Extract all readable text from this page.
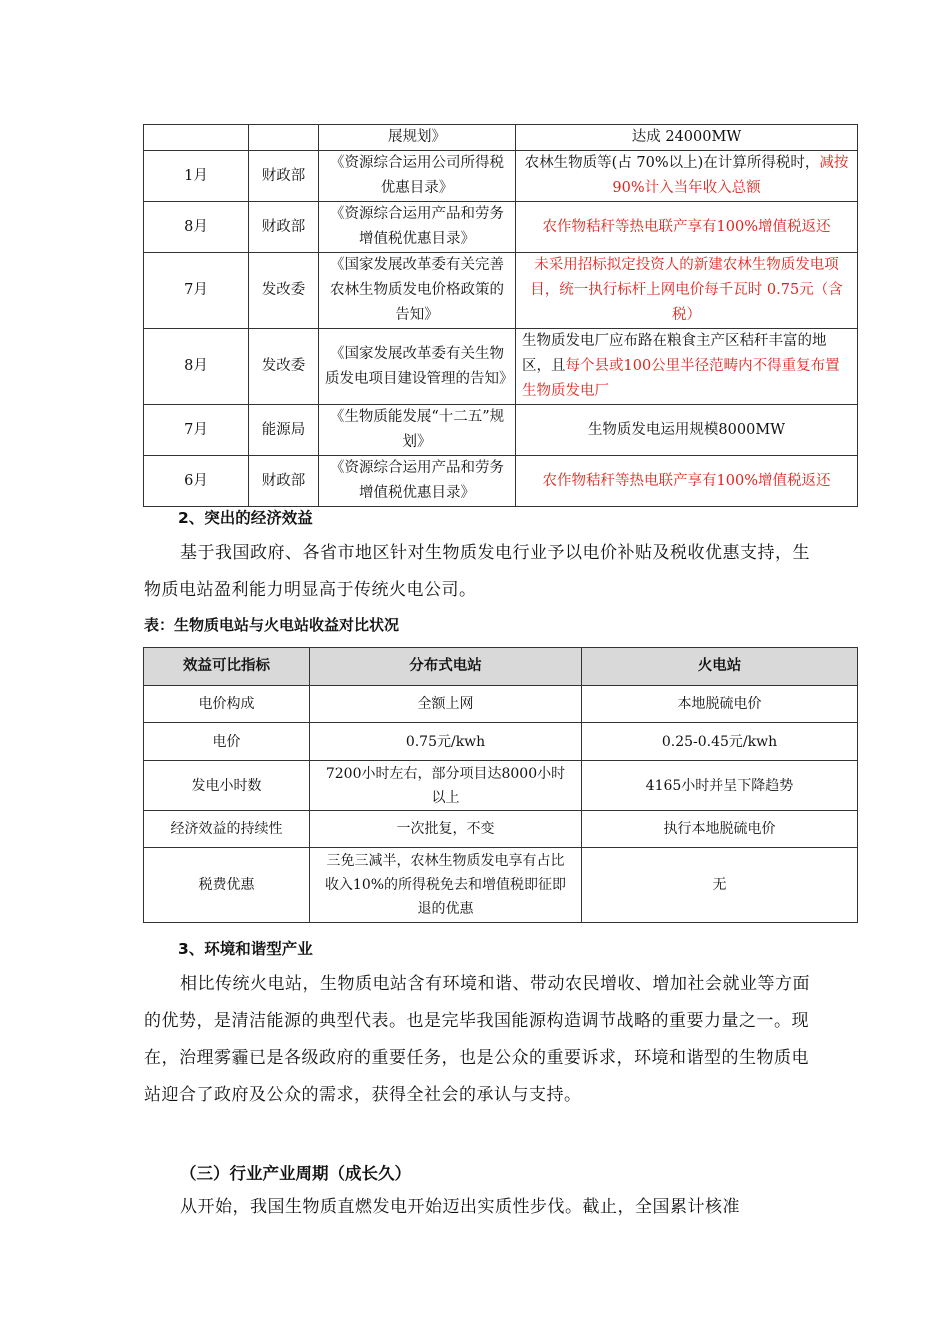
		展规划》	达成 24000MW
1月	财政部	《资源综合运用公司所得税优惠目录》	农林生物质等(占 70%以上)在计算所得税时，减按90%计入当年收入总额
8月	财政部	《资源综合运用产品和劳务增值税优惠目录》	农作物秸秆等热电联产享有100%增值税返还
7月	发改委	《国家发展改革委有关完善农林生物质发电价格政策的告知》	未采用招标拟定投资人的新建农林生物质发电项目，统一执行标杆上网电价每千瓦时 0.75元（含税）
8月	发改委	《国家发展改革委有关生物质发电项目建设管理的告知》	生物质发电厂应布路在粮食主产区秸秆丰富的地区，且每个县或100公里半径范畴内不得重复布置生物质发电厂
7月	能源局	《生物质能发展“十二五”规划》	生物质发电运用规模8000MW
6月	财政部	《资源综合运用产品和劳务增值税优惠目录》	农作物秸秆等热电联产享有100%增值税返还
2、突出的经济效益
基于我国政府、各省市地区针对生物质发电行业予以电价补贴及税收优惠支持，生物质电站盈利能力明显高于传统火电公司。
表：生物质电站与火电站收益对比状况
效益可比指标	分布式电站	火电站
电价构成	全额上网	本地脱硫电价
电价	0.75元/kwh	0.25-0.45元/kwh
发电小时数	7200小时左右，部分项目达8000小时以上	4165小时并呈下降趋势
经济效益的持续性	一次批复，不变	执行本地脱硫电价
税费优惠	三免三减半，农林生物质发电享有占比收入10%的所得税免去和增值税即征即退的优惠	无
3、环境和谐型产业
相比传统火电站，生物质电站含有环境和谐、带动农民增收、增加社会就业等方面的优势，是清洁能源的典型代表。也是完毕我国能源构造调节战略的重要力量之一。现在，治理雾霾已是各级政府的重要任务，也是公众的重要诉求，环境和谐型的生物质电站迎合了政府及公众的需求，获得全社会的承认与支持。
（三）行业产业周期（成长久）
从开始，我国生物质直燃发电开始迈出实质性步伐。截止，全国累计核准
